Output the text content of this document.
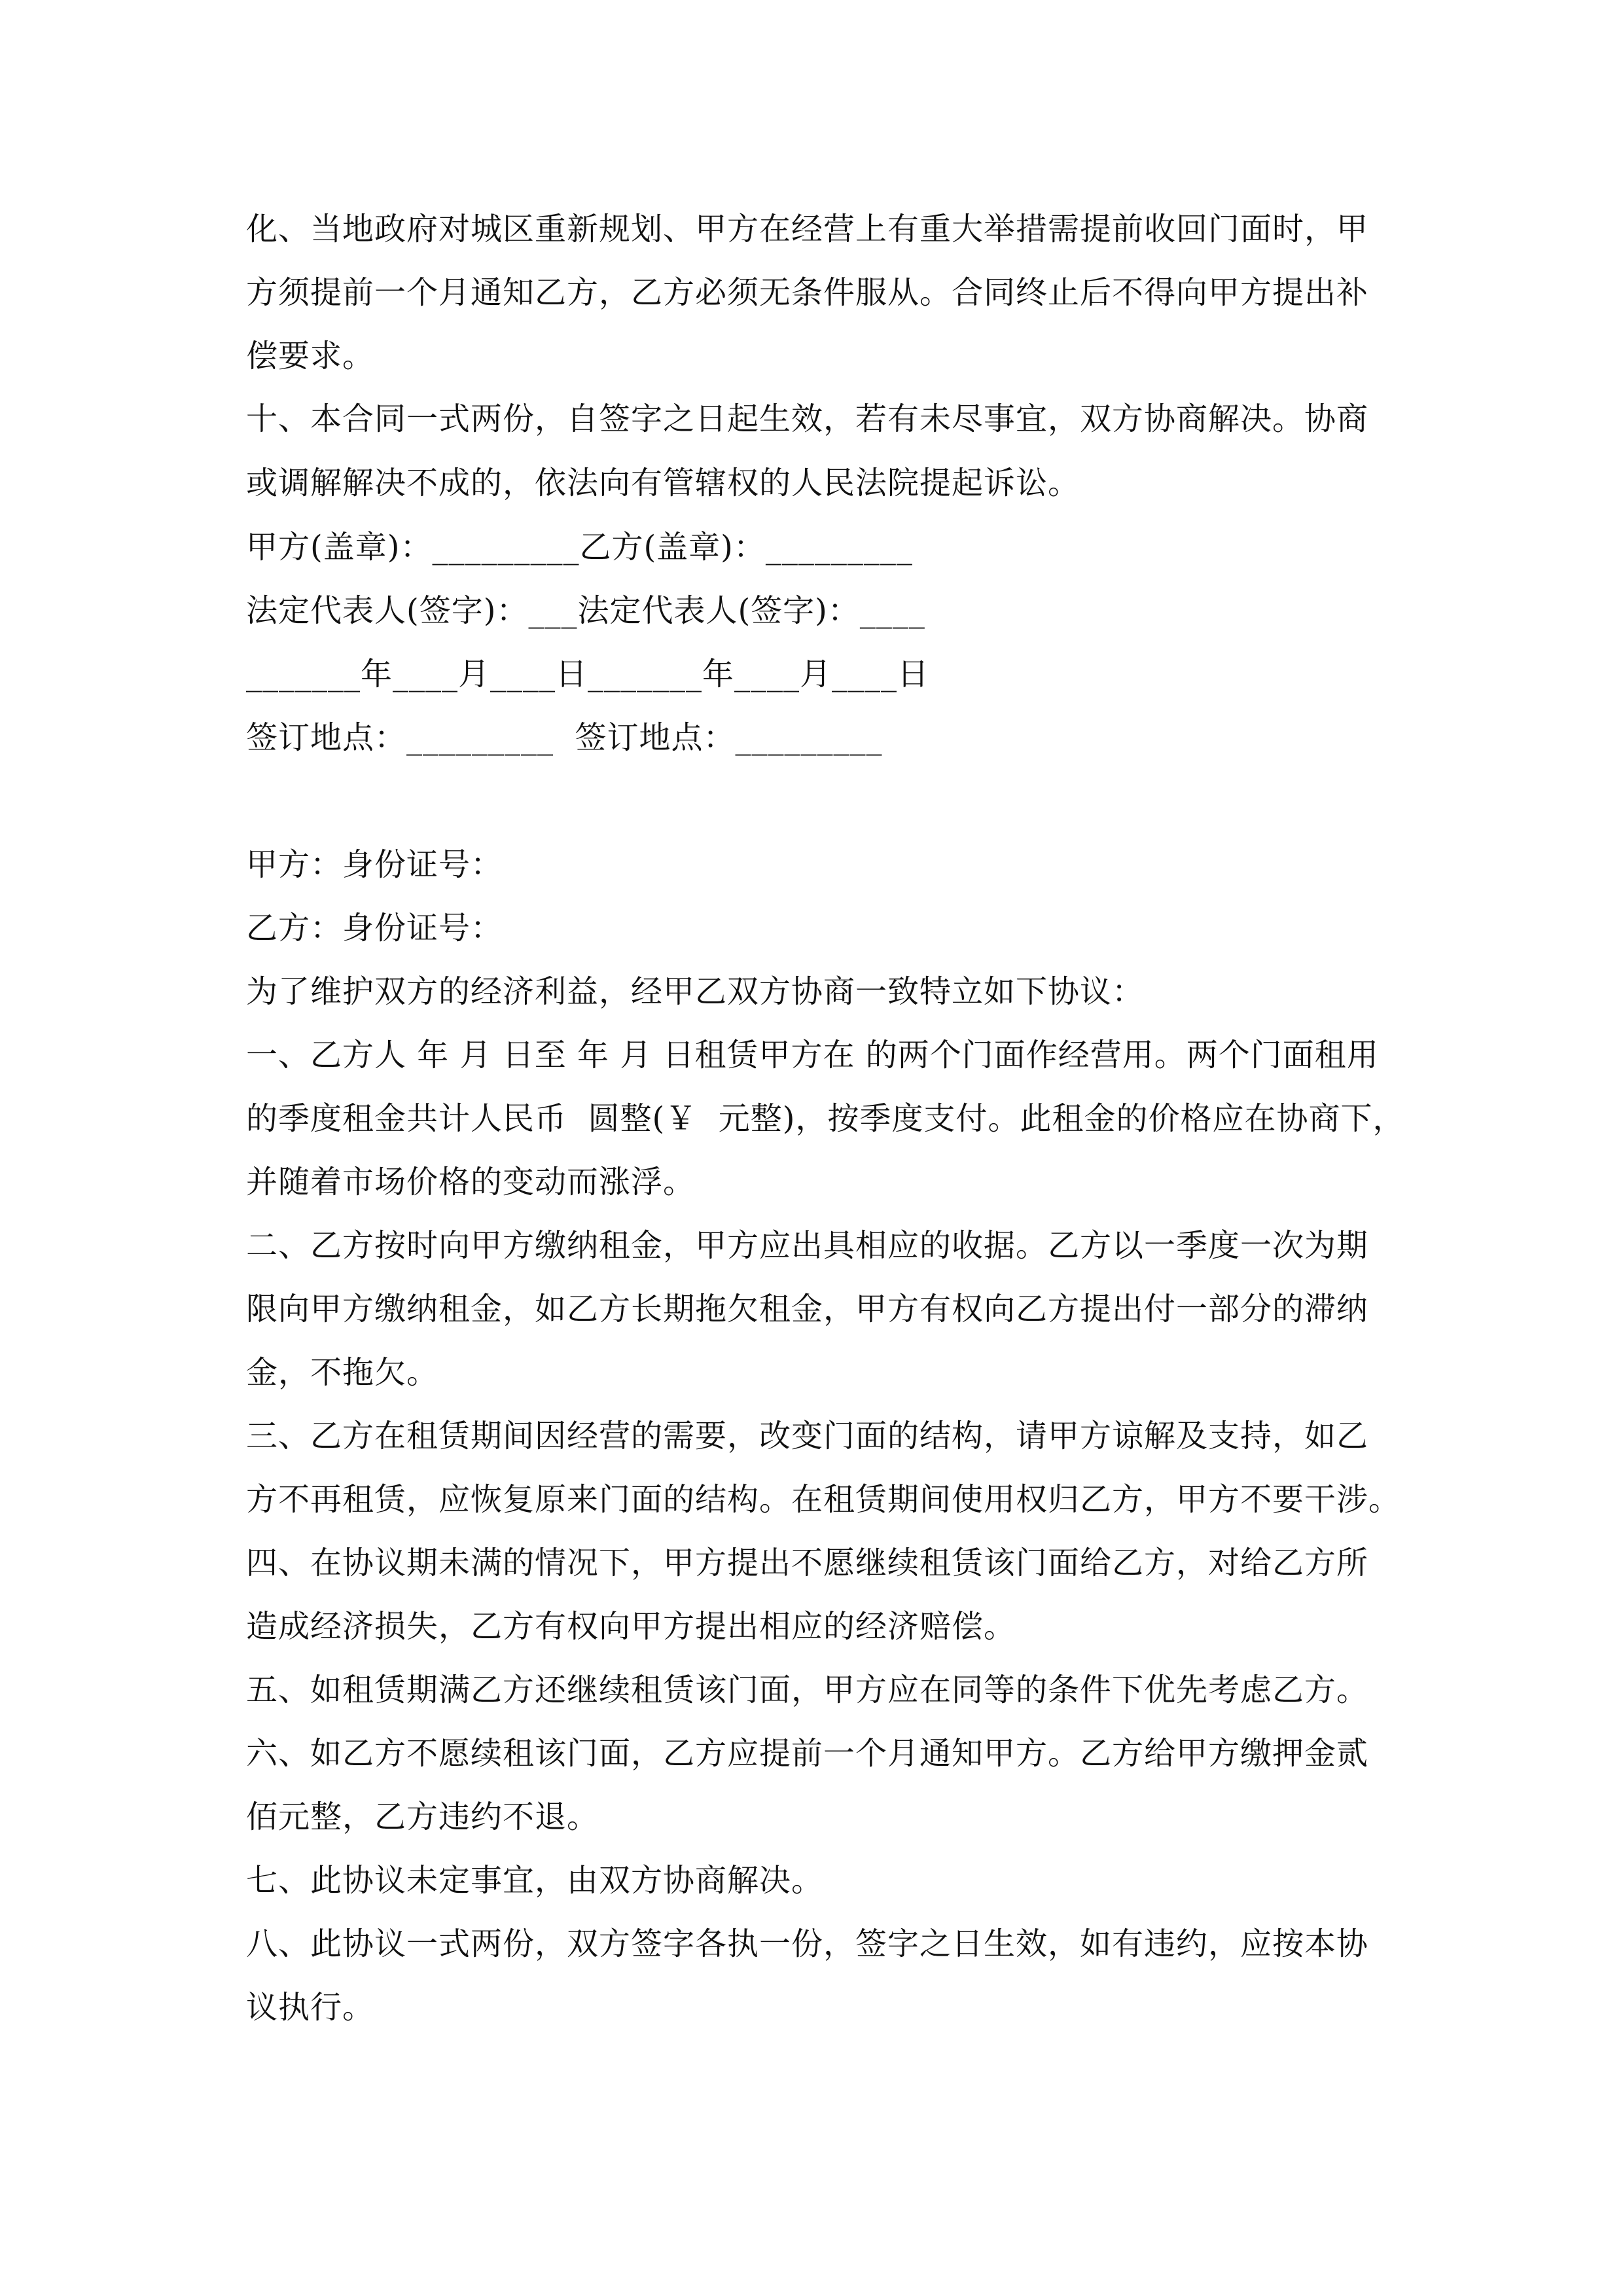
化、当地政府对城区重新规划、甲方在经营上有重大举措需提前收回门面时，甲
方须提前一个月通知乙方，乙方必须无条件服从。合同终止后不得向甲方提出补
偿要求。
十、本合同一式两份，自签字之日起生效，若有未尽事宜，双方协商解决。协商
或调解解决不成的，依法向有管辖权的人民法院提起诉讼。
甲方(盖章)：_________乙方(盖章)：_________
法定代表人(签字)：___法定代表人(签字)：____
_______年____月____日_______年____月____日
签订地点：_________  签订地点：_________
甲方：身份证号：
乙方：身份证号：
为了维护双方的经济利益，经甲乙双方协商一致特立如下协议：
一、乙方人 年 月 日至 年 月 日租赁甲方在 的两个门面作经营用。两个门面租用
的季度租金共计人民币  圆整(￥  元整)，按季度支付。此租金的价格应在协商下，
并随着市场价格的变动而涨浮。
二、乙方按时向甲方缴纳租金，甲方应出具相应的收据。乙方以一季度一次为期
限向甲方缴纳租金，如乙方长期拖欠租金，甲方有权向乙方提出付一部分的滞纳
金，不拖欠。
三、乙方在租赁期间因经营的需要，改变门面的结构，请甲方谅解及支持，如乙
方不再租赁，应恢复原来门面的结构。在租赁期间使用权归乙方，甲方不要干涉。
四、在协议期未满的情况下，甲方提出不愿继续租赁该门面给乙方，对给乙方所
造成经济损失，乙方有权向甲方提出相应的经济赔偿。
五、如租赁期满乙方还继续租赁该门面，甲方应在同等的条件下优先考虑乙方。
六、如乙方不愿续租该门面，乙方应提前一个月通知甲方。乙方给甲方缴押金贰
佰元整，乙方违约不退。
七、此协议未定事宜，由双方协商解决。
八、此协议一式两份，双方签字各执一份，签字之日生效，如有违约，应按本协
议执行。
